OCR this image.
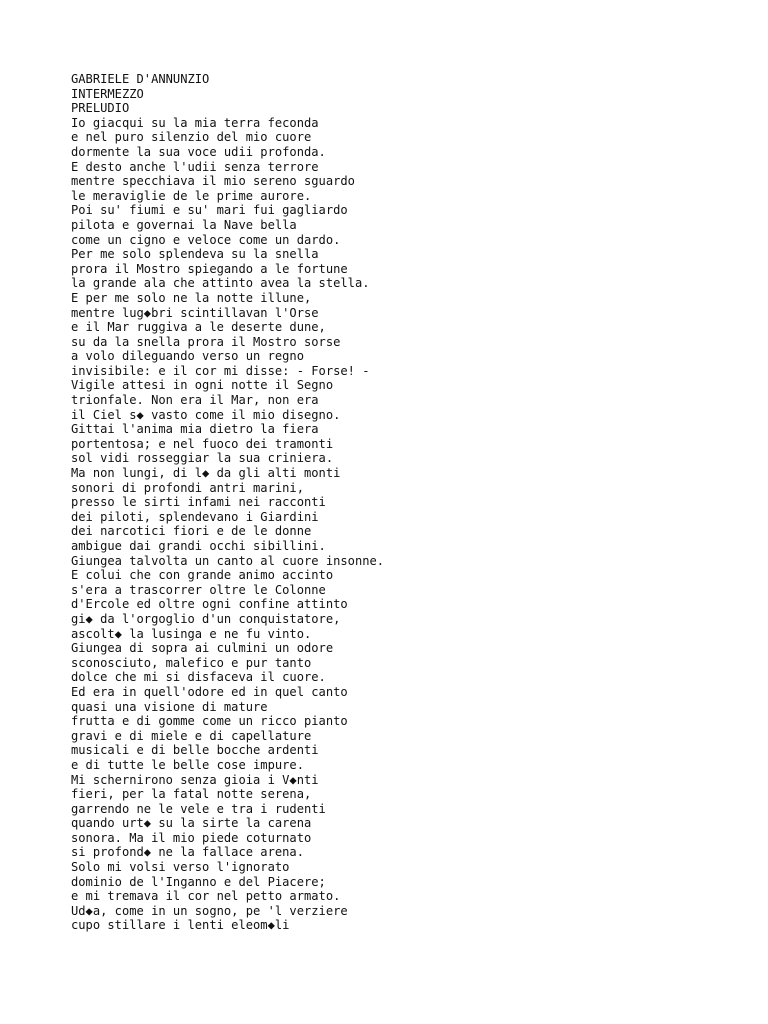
GABRIELE D'ANNUNZIO
INTERMEZZO
PRELUDIO
Io giacqui su la mia terra feconda
e nel puro silenzio del mio cuore
dormente la sua voce udii profonda.
E desto anche l'udii senza terrore
mentre specchiava il mio sereno sguardo
le meraviglie de le prime aurore.
Poi su' fiumi e su' mari fui gagliardo
pilota e governai la Nave bella
come un cigno e veloce come un dardo.
Per me solo splendeva su la snella
prora il Mostro spiegando a le fortune
la grande ala che attinto avea la stella.
E per me solo ne la notte illune,
mentre lug◆bri scintillavan l'Orse
e il Mar ruggiva a le deserte dune,
su da la snella prora il Mostro sorse
a volo dileguando verso un regno
invisibile: e il cor mi disse: - Forse! -
Vigile attesi in ogni notte il Segno
trionfale. Non era il Mar, non era
il Ciel s◆ vasto come il mio disegno.
Gittai l'anima mia dietro la fiera
portentosa; e nel fuoco dei tramonti
sol vidi rosseggiar la sua criniera.
Ma non lungi, di l◆ da gli alti monti
sonori di profondi antri marini,
presso le sirti infami nei racconti
dei piloti, splendevano i Giardini
dei narcotici fiori e de le donne
ambigue dai grandi occhi sibillini.
Giungea talvolta un canto al cuore insonne.
E colui che con grande animo accinto
s'era a trascorrer oltre le Colonne
d'Ercole ed oltre ogni confine attinto
gi◆ da l'orgoglio d'un conquistatore,
ascolt◆ la lusinga e ne fu vinto.
Giungea di sopra ai culmini un odore
sconosciuto, malefico e pur tanto
dolce che mi si disfaceva il cuore.
Ed era in quell'odore ed in quel canto
quasi una visione di mature
frutta e di gomme come un ricco pianto
gravi e di miele e di capellature
musicali e di belle bocche ardenti
e di tutte le belle cose impure.
Mi schernirono senza gioia i V◆nti
fieri, per la fatal notte serena,
garrendo ne le vele e tra i rudenti
quando urt◆ su la sirte la carena
sonora. Ma il mio piede coturnato
si profond◆ ne la fallace arena.
Solo mi volsi verso l'ignorato
dominio de l'Inganno e del Piacere;
e mi tremava il cor nel petto armato.
Ud◆a, come in un sogno, pe 'l verziere
cupo stillare i lenti eleom◆li
